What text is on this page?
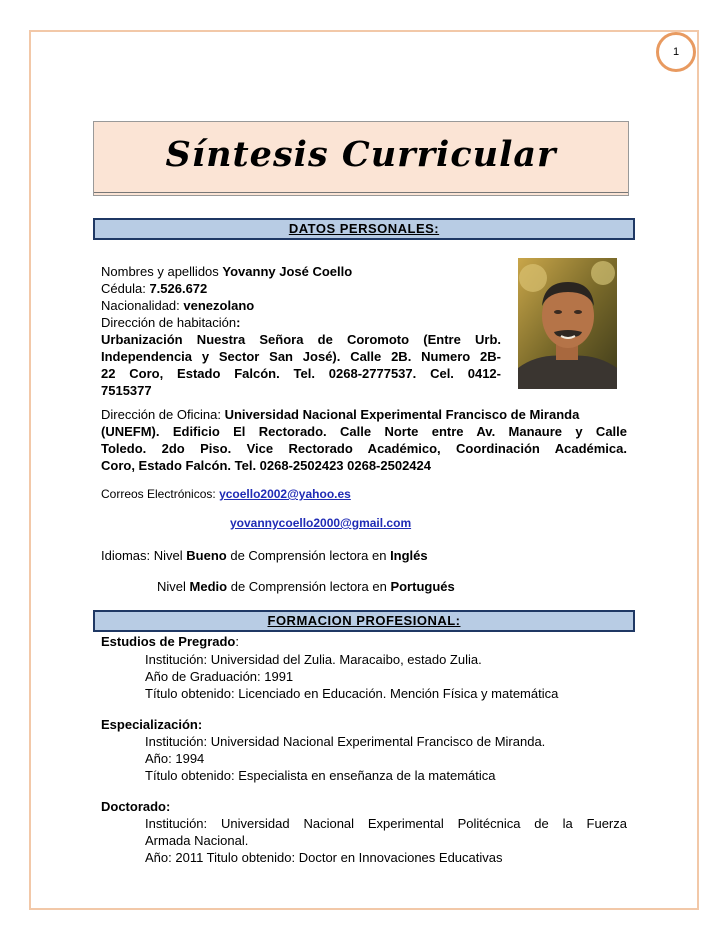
1
Síntesis Curricular
DATOS PERSONALES:
Nombres y apellidos Yovanny José Coello
Cédula: 7.526.672
Nacionalidad: venezolano
Dirección de habitación:
Urbanización Nuestra Señora de Coromoto (Entre Urb.
Independencia y Sector San José). Calle 2B. Numero 2B-
22 Coro, Estado Falcón. Tel. 0268-2777537. Cel. 0412-
7515377
Dirección de Oficina: Universidad Nacional Experimental Francisco de Miranda
(UNEFM). Edificio El Rectorado. Calle Norte entre Av. Manaure y Calle
Toledo. 2do Piso. Vice Rectorado Académico, Coordinación Académica.
Coro, Estado Falcón. Tel. 0268-2502423 0268-2502424
Correos Electrónicos: ycoello2002@yahoo.es
yovannycoello2000@gmail.com
Idiomas: Nivel Bueno de Comprensión lectora en Inglés
Nivel Medio de Comprensión lectora en Portugués
FORMACION PROFESIONAL:
Estudios de Pregrado:
Institución: Universidad del Zulia. Maracaibo, estado Zulia.
Año de Graduación: 1991
Título obtenido: Licenciado en Educación. Mención Física y matemática
Especialización:
Institución: Universidad Nacional Experimental Francisco de Miranda.
Año: 1994
Título obtenido: Especialista en enseñanza de la matemática
Doctorado:
Institución: Universidad Nacional Experimental Politécnica de la Fuerza
Armada Nacional.
Año: 2011 Titulo obtenido: Doctor en Innovaciones Educativas
